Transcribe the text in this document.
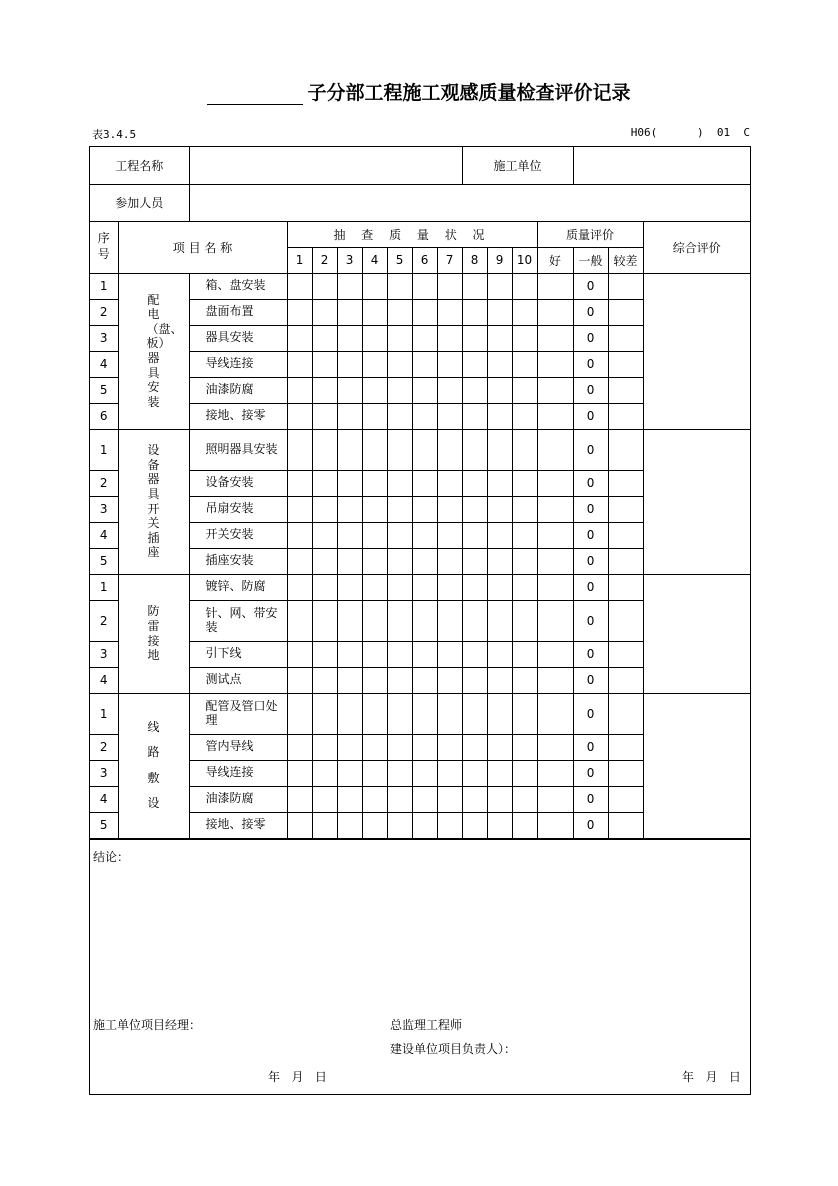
子分部工程施工观感质量检查评价记录
表3.4.5	H06(      )  01  C
工程名称										施工单位						
参加人员																
序号	项 目 名 称		抽 查 质 量 状 况										质量评价			综合评价
			1	2	3	4	5	6	7	8	9	10	好	一般	较差	
1	配电（盘、板）器具安装	箱、盘安装												0		
2		盘面布置												0		
3		器具安装												0		
4		导线连接												0		
5		油漆防腐												0		
6		接地、接零												0		
1	设备器具开关插座	照明器具安装												0		
2		设备安装												0		
3		吊扇安装												0		
4		开关安装												0		
5		插座安装												0		
1	防雷接地	镀锌、防腐												0		
2		针、网、带安装												0		
3		引下线												0		
4		测试点												0		
1	线路敷设	配管及管口处理												0		
2		管内导线												0		
3		导线连接												0		
4		油漆防腐												0		
5		接地、接零												0		
结论：
施工单位项目经理：	总监理工程师
建设单位项目负责人）：
年   月   日	年   月   日
